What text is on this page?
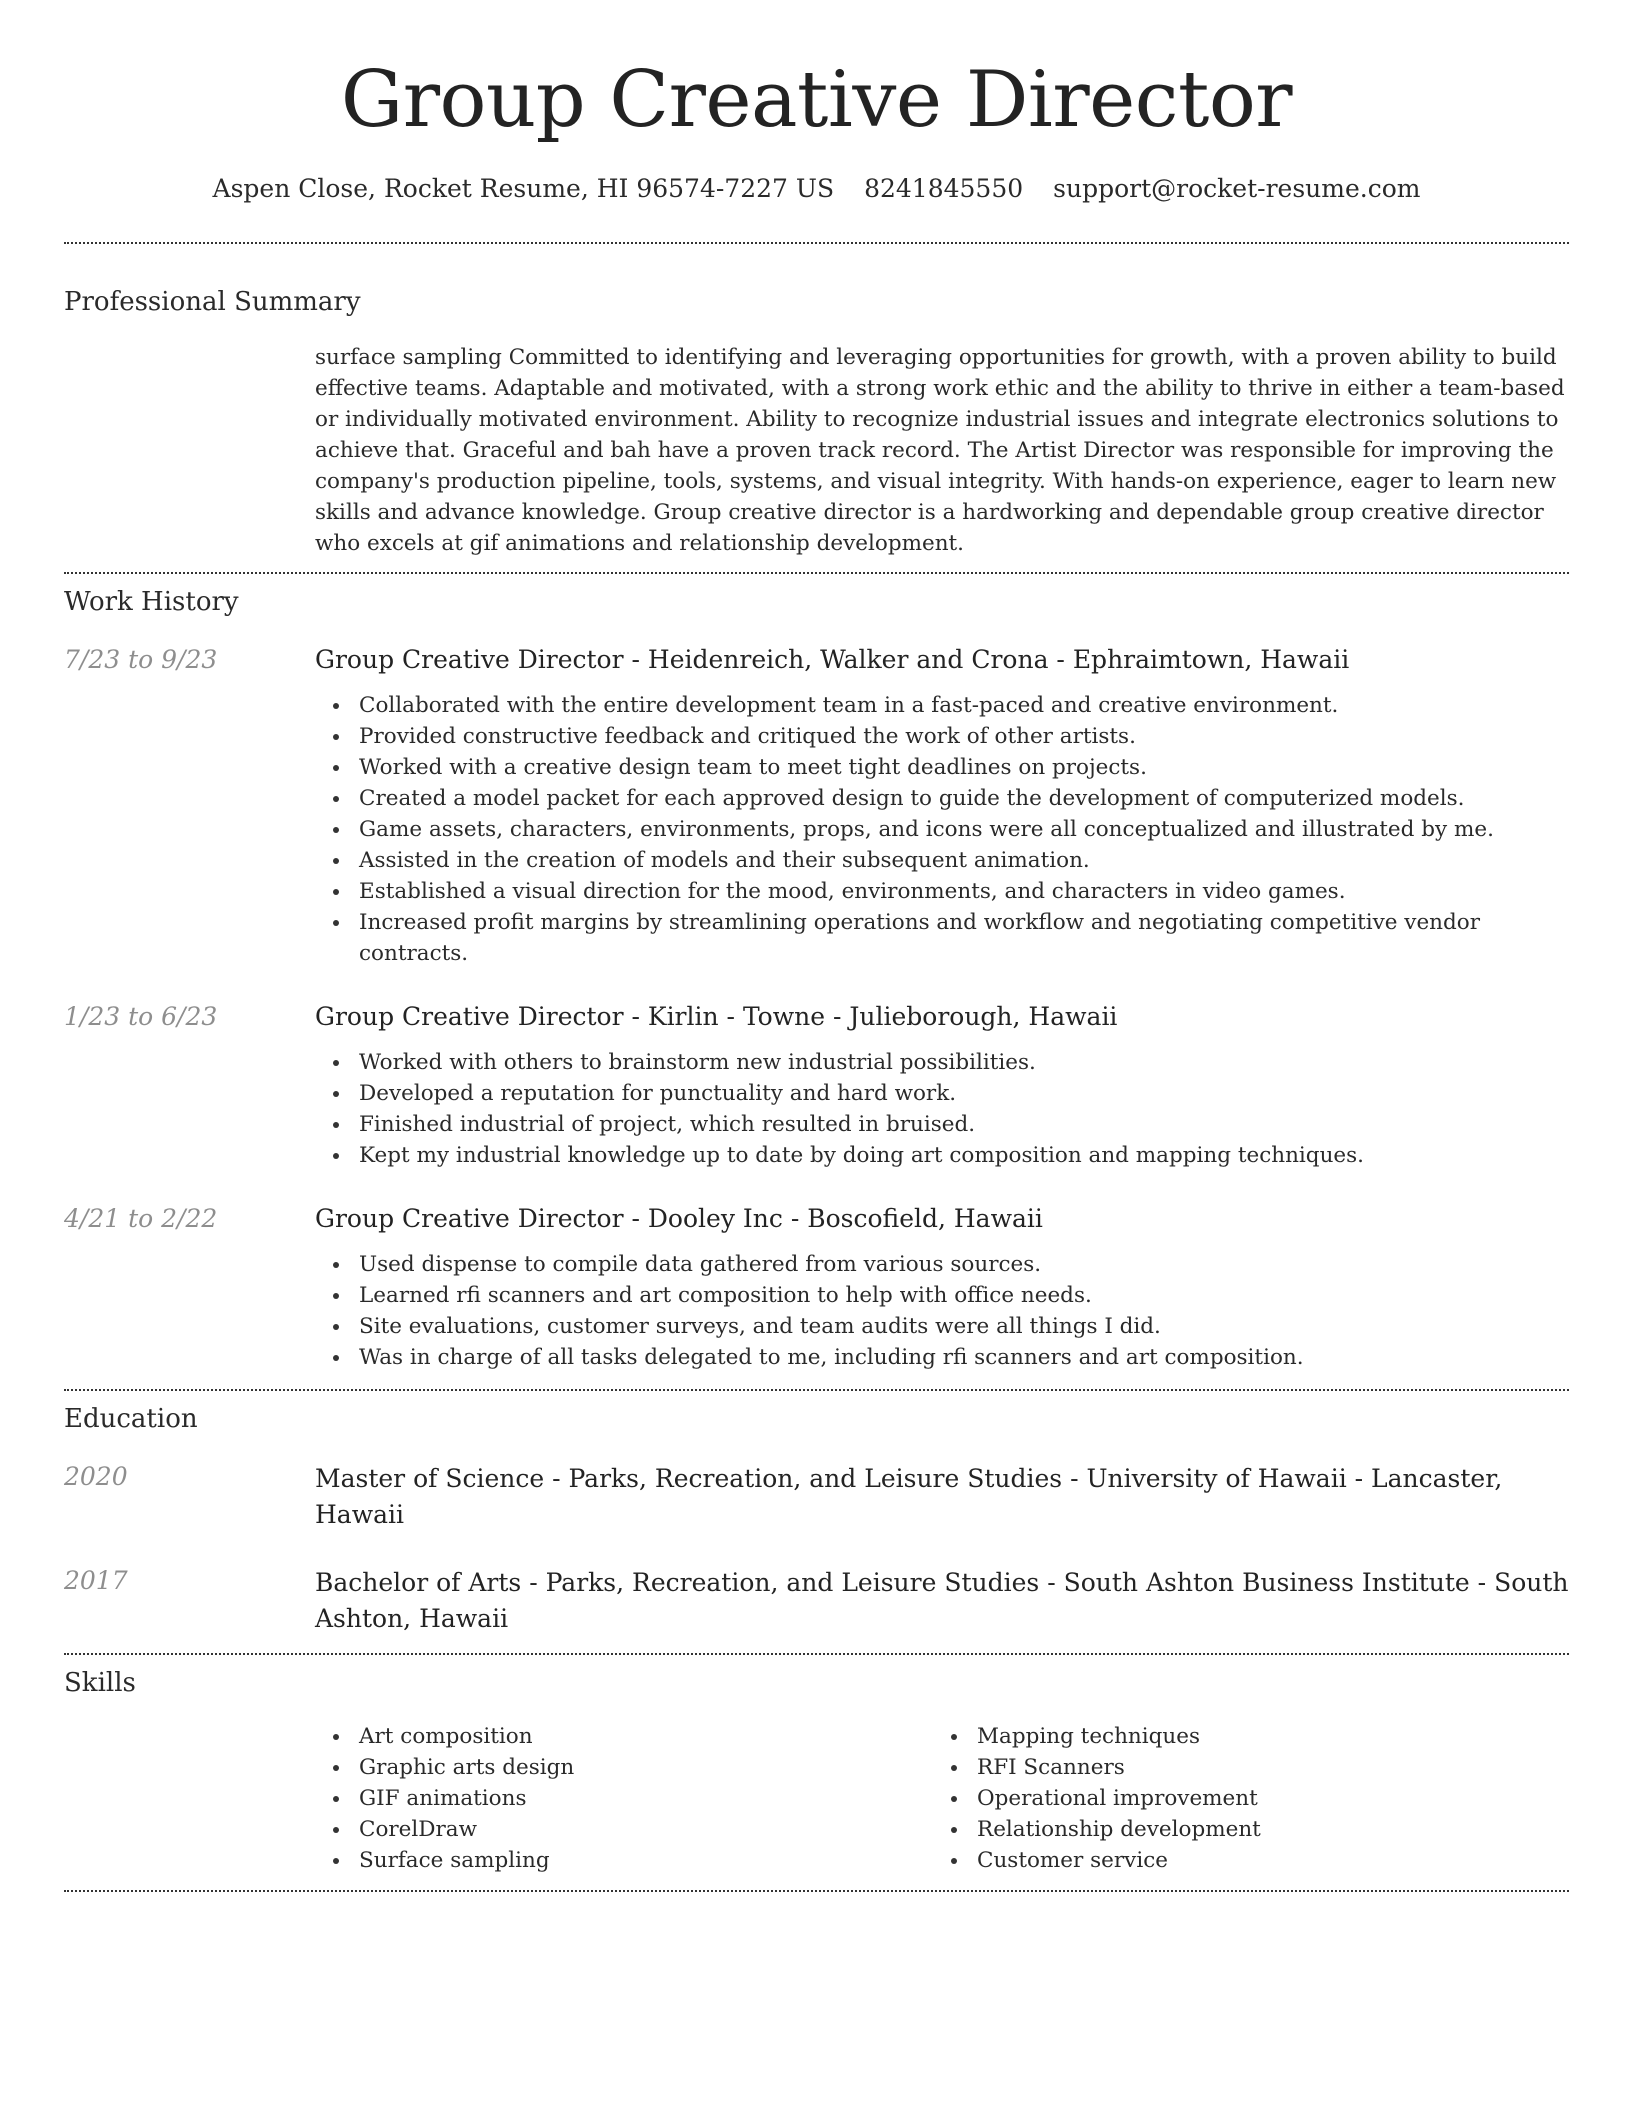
Group Creative Director
Aspen Close, Rocket Resume, HI 96574-7227 US 8241845550 support@rocket-resume.com
Professional Summary

surface sampling Committed to identifying and leveraging opportunities for growth, with a proven ability to build effective teams. Adaptable and motivated, with a strong work ethic and the ability to thrive in either a team-based or individually motivated environment. Ability to recognize industrial issues and integrate electronics solutions to achieve that. Graceful and bah have a proven track record. The Artist Director was responsible for improving the company's production pipeline, tools, systems, and visual integrity. With hands-on experience, eager to learn new skills and advance knowledge. Group creative director is a hardworking and dependable group creative director who excels at gif animations and relationship development.

Work History
7/23 to 9/23	Group Creative Director - Heidenreich, Walker and Crona - Ephraimtown, Hawaii

Collaborated with the entire development team in a fast-paced and creative environment.
Provided constructive feedback and critiqued the work of other artists.
Worked with a creative design team to meet tight deadlines on projects.
Created a model packet for each approved design to guide the development of computerized models.
Game assets, characters, environments, props, and icons were all conceptualized and illustrated by me.
Assisted in the creation of models and their subsequent animation.
Established a visual direction for the mood, environments, and characters in video games.
Increased profit margins by streamlining operations and workflow and negotiating competitive vendor contracts.
1/23 to 6/23	Group Creative Director - Kirlin - Towne - Julieborough, Hawaii

Worked with others to brainstorm new industrial possibilities.
Developed a reputation for punctuality and hard work.
Finished industrial of project, which resulted in bruised.
Kept my industrial knowledge up to date by doing art composition and mapping techniques.
4/21 to 2/22	Group Creative Director - Dooley Inc - Boscofield, Hawaii

Used dispense to compile data gathered from various sources.
Learned rfi scanners and art composition to help with office needs.
Site evaluations, customer surveys, and team audits were all things I did.
Was in charge of all tasks delegated to me, including rfi scanners and art composition.
Education
2020	Master of Science - Parks, Recreation, and Leisure Studies - University of Hawaii - Lancaster, Hawaii

2017	Bachelor of Arts - Parks, Recreation, and Leisure Studies - South Ashton Business Institute - South Ashton, Hawaii

Skills
Art composition
Graphic arts design
GIF animations
CorelDraw
Surface sampling
Mapping techniques
RFI Scanners
Operational improvement
Relationship development
Customer service
